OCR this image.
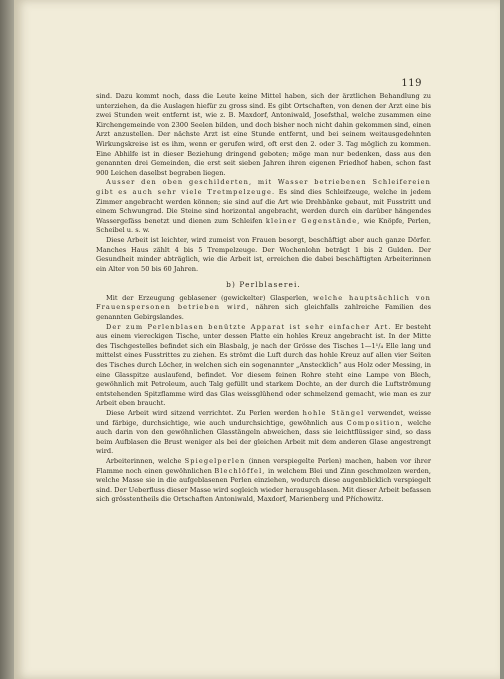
119

sind. Dazu kommt noch, dass die Leute keine Mittel haben, sich der ärztlichen Behandlung zu unterziehen, da die Auslagen hiefür zu gross sind. Es gibt Ortschaften, von denen der Arzt eine bis zwei Stunden weit entfernt ist, wie z. B. Maxdorf, Antoniwald, Josefsthal, welche zusammen eine Kirchengemeinde von 2300 Seelen bilden, und doch bisher noch nicht dahin gekommen sind, einen Arzt anzustellen. Der nächste Arzt ist eine Stunde entfernt, und bei seinem weitausgedehnten Wirkungskreise ist es ihm, wenn er gerufen wird, oft erst den 2. oder 3. Tag möglich zu kommen. Eine Abhilfe ist in dieser Beziehung dringend geboten; möge man nur bedenken, dass aus den genannten drei Gemeinden, die erst seit sieben Jahren ihren eigenen Friedhof haben, schon fast 900 Leichen daselbst begraben liegen.

Ausser den oben geschilderten, mit Wasser betriebenen Schleifereien gibt es auch sehr viele Tretmpelzeuge. Es sind dies Schleifzeuge, welche in jedem Zimmer angebracht werden können; sie sind auf die Art wie Drehbänke gebaut, mit Fusstritt und einem Schwungrad. Die Steine sind horizontal angebracht, werden durch ein darüber hängendes Wassergefäss benetzt und dienen zum Schleifen kleiner Gegenstände, wie Knöpfe, Perlen, Scheibel u. s. w.

Diese Arbeit ist leichter, wird zumeist von Frauen besorgt, beschäftigt aber auch ganze Dörfer. Manches Haus zählt 4 bis 5 Trempelzeuge. Der Wochenlohn beträgt 1 bis 2 Gulden. Der Gesundheit minder abträglich, wie die Arbeit ist, erreichen die dabei beschäftigten Arbeiterinnen ein Alter von 50 bis 60 Jahren.

b) Perlblaserei.

Mit der Erzeugung geblasener (gewickelter) Glasperlen, welche hauptsächlich von Frauenspersonen betrieben wird, nähren sich gleichfalls zahlreiche Familien des genannten Gebirgslandes.

Der zum Perlenblasen benützte Apparat ist sehr einfacher Art. Er besteht aus einem viereckigen Tische, unter dessen Platte ein hohles Kreuz angebracht ist. In der Mitte des Tischgestelles befindet sich ein Blasbalg, je nach der Grösse des Tisches 1—1¹/₄ Elle lang und mittelst eines Fusstrittes zu ziehen. Es strömt die Luft durch das hohle Kreuz auf allen vier Seiten des Tisches durch Löcher, in welchen sich ein sogenannter „Anstecklich“ aus Holz oder Messing, in eine Glasspitze auslaufend, befindet. Vor diesem feinen Rohre steht eine Lampe von Blech, gewöhnlich mit Petroleum, auch Talg gefüllt und starkem Dochte, an der durch die Luftströmung entstehenden Spitzflamme wird das Glas weissglühend oder schmelzend gemacht, wie man es zur Arbeit eben braucht.

Diese Arbeit wird sitzend verrichtet. Zu Perlen werden hohle Stängel verwendet, weisse und färbige, durchsichtige, wie auch undurchsichtige, gewöhnlich aus Composition, welche auch darin von den gewöhnlichen Glasstängeln abweichen, dass sie leichtflüssiger sind, so dass beim Aufblasen die Brust weniger als bei der gleichen Arbeit mit dem anderen Glase angestrengt wird.

Arbeiterinnen, welche Spiegelperlen (innen verspiegelte Perlen) machen, haben vor ihrer Flamme noch einen gewöhnlichen Blechlöffel, in welchem Blei und Zinn geschmolzen werden, welche Masse sie in die aufgeblasenen Perlen einziehen, wodurch diese augenblicklich verspiegelt sind. Der Ueberfluss dieser Masse wird sogleich wieder herausgeblasen. Mit dieser Arbeit befassen sich grösstentheils die Ortschaften Antoniwald, Maxdorf, Marienberg und Příchowitz.
